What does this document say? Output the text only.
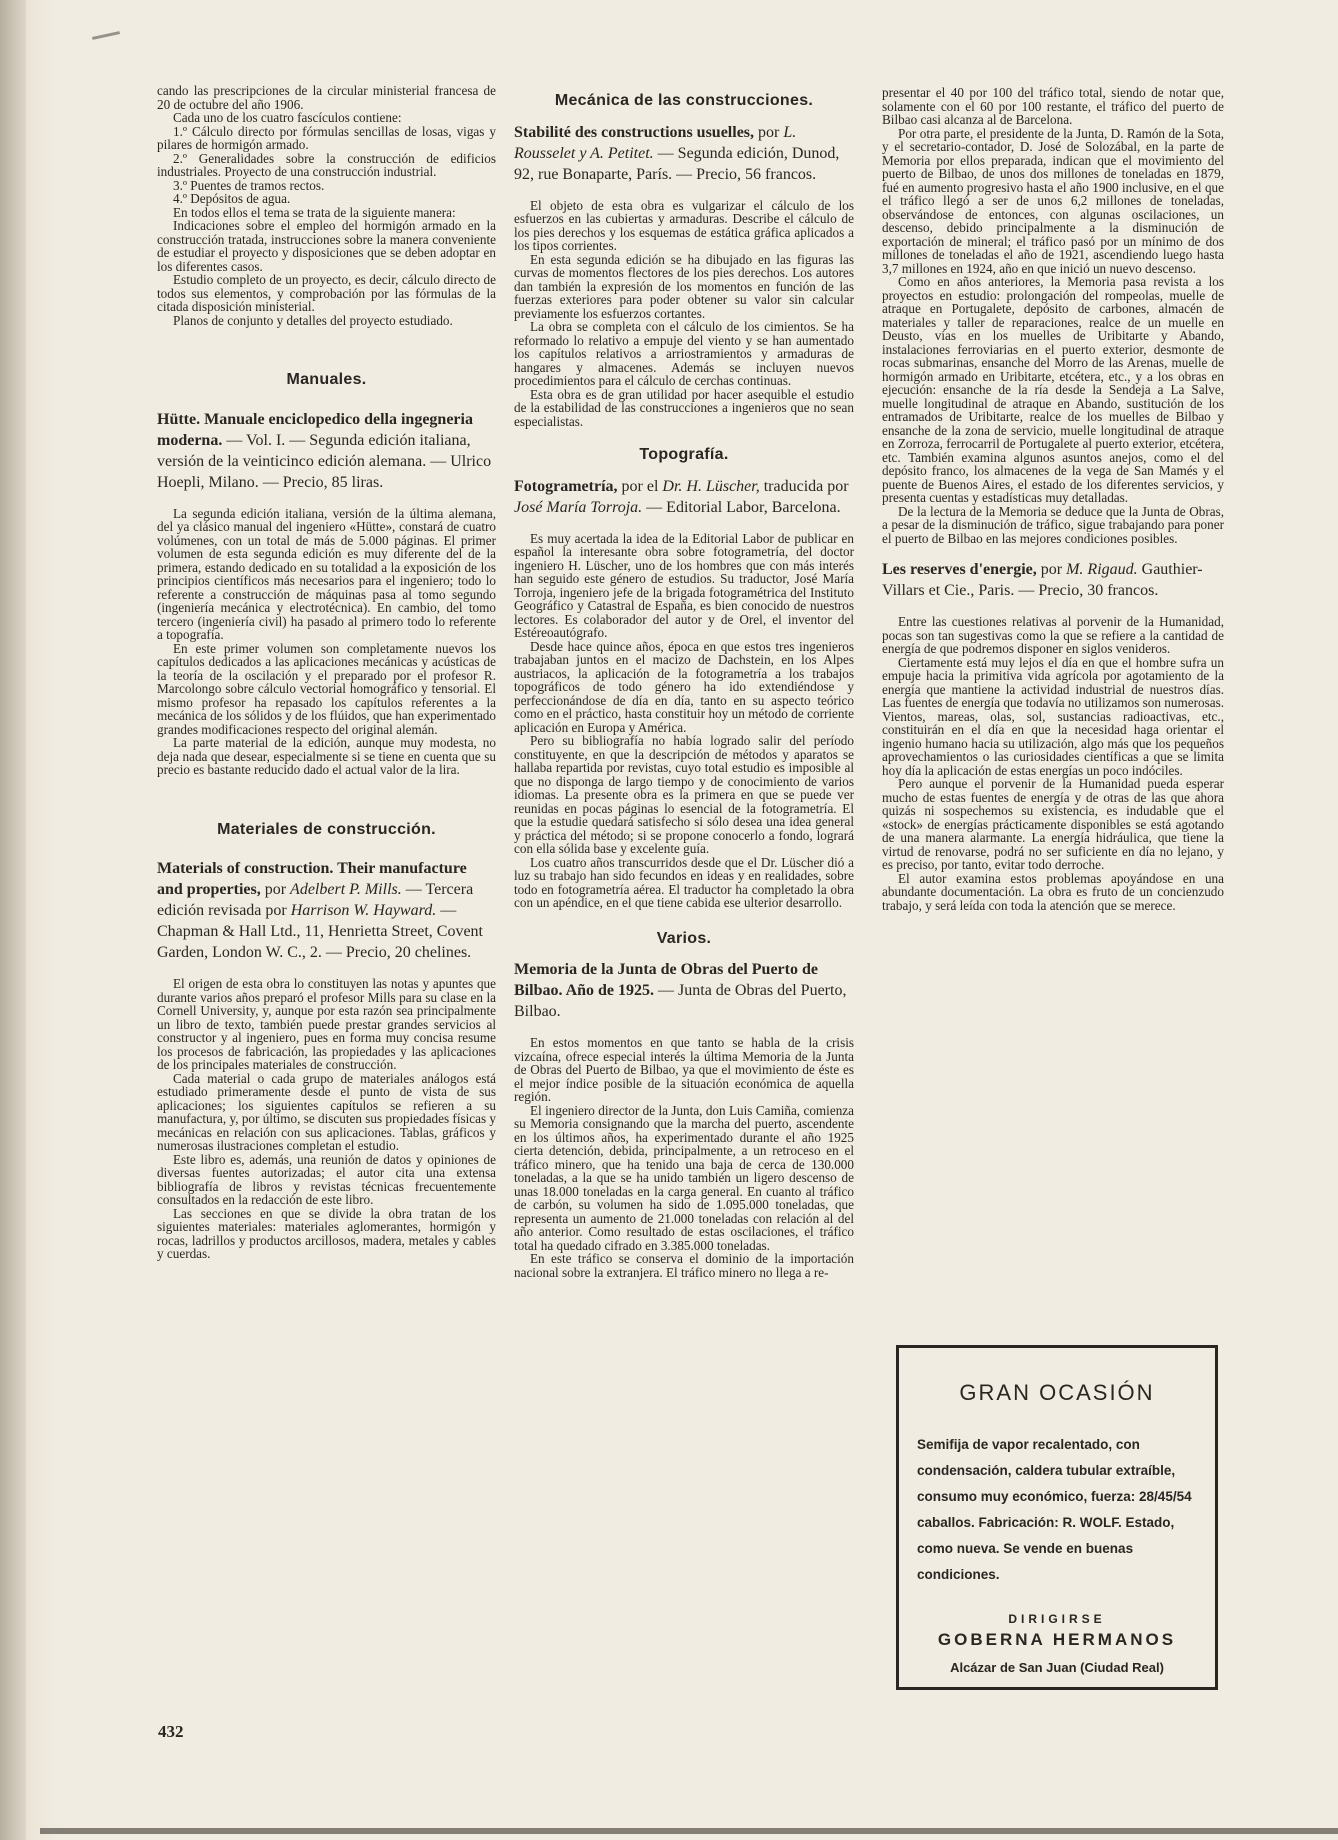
cando las prescripciones de la circular ministerial francesa de 20 de octubre del año 1906.

Cada uno de los cuatro fascículos contiene:

1.º Cálculo directo por fórmulas sencillas de losas, vigas y pilares de hormigón armado.

2.º Generalidades sobre la construcción de edificios industriales. Proyecto de una construcción industrial.

3.º Puentes de tramos rectos.

4.º Depósitos de agua.

En todos ellos el tema se trata de la siguiente manera:

Indicaciones sobre el empleo del hormigón armado en la construcción tratada, instrucciones sobre la manera conveniente de estudiar el proyecto y disposiciones que se deben adoptar en los diferentes casos.

Estudio completo de un proyecto, es decir, cálculo directo de todos sus elementos, y comprobación por las fórmulas de la citada disposición ministerial.

Planos de conjunto y detalles del proyecto estudiado.

Manuales.

Hütte. Manuale enciclopedico della ingegneria moderna. — Vol. I. — Segunda edición italiana, versión de la veinticinco edición alemana. — Ulrico Hoepli, Milano. — Precio, 85 liras.

La segunda edición italiana, versión de la última alemana, del ya clásico manual del ingeniero «Hütte», constará de cuatro volúmenes, con un total de más de 5.000 páginas. El primer volumen de esta segunda edición es muy diferente del de la primera, estando dedicado en su totalidad a la exposición de los principios científicos más necesarios para el ingeniero; todo lo referente a construcción de máquinas pasa al tomo segundo (ingeniería mecánica y electrotécnica). En cambio, del tomo tercero (ingeniería civil) ha pasado al primero todo lo referente a topografía.

En este primer volumen son completamente nuevos los capítulos dedicados a las aplicaciones mecánicas y acústicas de la teoría de la oscilación y el preparado por el profesor R. Marcolongo sobre cálculo vectorial homográfico y tensorial. El mismo profesor ha repasado los capítulos referentes a la mecánica de los sólidos y de los flúidos, que han experimentado grandes modificaciones respecto del original alemán.

La parte material de la edición, aunque muy modesta, no deja nada que desear, especialmente si se tiene en cuenta que su precio es bastante reducido dado el actual valor de la lira.

Materiales de construcción.

Materials of construction. Their manufacture and properties, por Adelbert P. Mills. — Tercera edición revisada por Harrison W. Hayward. — Chapman & Hall Ltd., 11, Henrietta Street, Covent Garden, London W. C., 2. — Precio, 20 chelines.

El origen de esta obra lo constituyen las notas y apuntes que durante varios años preparó el profesor Mills para su clase en la Cornell University, y, aunque por esta razón sea principalmente un libro de texto, también puede prestar grandes servicios al constructor y al ingeniero, pues en forma muy concisa resume los procesos de fabricación, las propiedades y las aplicaciones de los principales materiales de construcción.

Cada material o cada grupo de materiales análogos está estudiado primeramente desde el punto de vista de sus aplicaciones; los siguientes capítulos se refieren a su manufactura, y, por último, se discuten sus propiedades físicas y mecánicas en relación con sus aplicaciones. Tablas, gráficos y numerosas ilustraciones completan el estudio.

Este libro es, además, una reunión de datos y opiniones de diversas fuentes autorizadas; el autor cita una extensa bibliografía de libros y revistas técnicas frecuentemente consultados en la redacción de este libro.

Las secciones en que se divide la obra tratan de los siguientes materiales: materiales aglomerantes, hormigón y rocas, ladrillos y productos arcillosos, madera, metales y cables y cuerdas.

Mecánica de las construcciones.

Stabilité des constructions usuelles, por L. Rousselet y A. Petitet. — Segunda edición, Dunod, 92, rue Bonaparte, París. — Precio, 56 francos.

El objeto de esta obra es vulgarizar el cálculo de los esfuerzos en las cubiertas y armaduras. Describe el cálculo de los pies derechos y los esquemas de estática gráfica aplicados a los tipos corrientes.

En esta segunda edición se ha dibujado en las figuras las curvas de momentos flectores de los pies derechos. Los autores dan también la expresión de los momentos en función de las fuerzas exteriores para poder obtener su valor sin calcular previamente los esfuerzos cortantes.

La obra se completa con el cálculo de los cimientos. Se ha reformado lo relativo a empuje del viento y se han aumentado los capítulos relativos a arriostramientos y armaduras de hangares y almacenes. Además se incluyen nuevos procedimientos para el cálculo de cerchas continuas.

Esta obra es de gran utilidad por hacer asequible el estudio de la estabilidad de las construcciones a ingenieros que no sean especialistas.

Topografía.

Fotogrametría, por el Dr. H. Lüscher, traducida por José María Torroja. — Editorial Labor, Barcelona.

Es muy acertada la idea de la Editorial Labor de publicar en español la interesante obra sobre fotogrametría, del doctor ingeniero H. Lüscher, uno de los hombres que con más interés han seguido este género de estudios. Su traductor, José María Torroja, ingeniero jefe de la brigada fotogramétrica del Instituto Geográfico y Catastral de España, es bien conocido de nuestros lectores. Es colaborador del autor y de Orel, el inventor del Estéreoautógrafo.

Desde hace quince años, época en que estos tres ingenieros trabajaban juntos en el macizo de Dachstein, en los Alpes austriacos, la aplicación de la fotogrametría a los trabajos topográficos de todo género ha ido extendiéndose y perfeccionándose de día en día, tanto en su aspecto teórico como en el práctico, hasta constituir hoy un método de corriente aplicación en Europa y América.

Pero su bibliografía no había logrado salir del período constituyente, en que la descripción de métodos y aparatos se hallaba repartida por revistas, cuyo total estudio es imposible al que no disponga de largo tiempo y de conocimiento de varios idiomas. La presente obra es la primera en que se puede ver reunidas en pocas páginas lo esencial de la fotogrametría. El que la estudie quedará satisfecho si sólo desea una idea general y práctica del método; si se propone conocerlo a fondo, logrará con ella sólida base y excelente guía.

Los cuatro años transcurridos desde que el Dr. Lüscher dió a luz su trabajo han sido fecundos en ideas y en realidades, sobre todo en fotogrametría aérea. El traductor ha completado la obra con un apéndice, en el que tiene cabida ese ulterior desarrollo.

Varios.

Memoria de la Junta de Obras del Puerto de Bilbao. Año de 1925. — Junta de Obras del Puerto, Bilbao.

En estos momentos en que tanto se habla de la crisis vizcaína, ofrece especial interés la última Memoria de la Junta de Obras del Puerto de Bilbao, ya que el movimiento de éste es el mejor índice posible de la situación económica de aquella región.

El ingeniero director de la Junta, don Luis Camiña, comienza su Memoria consignando que la marcha del puerto, ascendente en los últimos años, ha experimentado durante el año 1925 cierta detención, debida, principalmente, a un retroceso en el tráfico minero, que ha tenido una baja de cerca de 130.000 toneladas, a la que se ha unido también un ligero descenso de unas 18.000 toneladas en la carga general. En cuanto al tráfico de carbón, su volumen ha sido de 1.095.000 toneladas, que representa un aumento de 21.000 toneladas con relación al del año anterior. Como resultado de estas oscilaciones, el tráfico total ha quedado cifrado en 3.385.000 toneladas.

En este tráfico se conserva el dominio de la importación nacional sobre la extranjera. El tráfico minero no llega a re-

presentar el 40 por 100 del tráfico total, siendo de notar que, solamente con el 60 por 100 restante, el tráfico del puerto de Bilbao casi alcanza al de Barcelona.

Por otra parte, el presidente de la Junta, D. Ramón de la Sota, y el secretario-contador, D. José de Solozábal, en la parte de Memoria por ellos preparada, indican que el movimiento del puerto de Bilbao, de unos dos millones de toneladas en 1879, fué en aumento progresivo hasta el año 1900 inclusive, en el que el tráfico llegó a ser de unos 6,2 millones de toneladas, observándose de entonces, con algunas oscilaciones, un descenso, debido principalmente a la disminución de exportación de mineral; el tráfico pasó por un mínimo de dos millones de toneladas el año de 1921, ascendiendo luego hasta 3,7 millones en 1924, año en que inició un nuevo descenso.

Como en años anteriores, la Memoria pasa revista a los proyectos en estudio: prolongación del rompeolas, muelle de atraque en Portugalete, depósito de carbones, almacén de materiales y taller de reparaciones, realce de un muelle en Deusto, vías en los muelles de Uribitarte y Abando, instalaciones ferroviarias en el puerto exterior, desmonte de rocas submarinas, ensanche del Morro de las Arenas, muelle de hormigón armado en Uribitarte, etcétera, etc., y a los obras en ejecución: ensanche de la ría desde la Sendeja a La Salve, muelle longitudinal de atraque en Abando, sustitución de los entramados de Uribitarte, realce de los muelles de Bilbao y ensanche de la zona de servicio, muelle longitudinal de atraque en Zorroza, ferrocarril de Portugalete al puerto exterior, etcétera, etc. También examina algunos asuntos anejos, como el del depósito franco, los almacenes de la vega de San Mamés y el puente de Buenos Aires, el estado de los diferentes servicios, y presenta cuentas y estadísticas muy detalladas.

De la lectura de la Memoria se deduce que la Junta de Obras, a pesar de la disminución de tráfico, sigue trabajando para poner el puerto de Bilbao en las mejores condiciones posibles.

Les reserves d'energie, por M. Rigaud. Gauthier-Villars et Cie., Paris. — Precio, 30 francos.

Entre las cuestiones relativas al porvenir de la Humanidad, pocas son tan sugestivas como la que se refiere a la cantidad de energía de que podremos disponer en siglos venideros.

Ciertamente está muy lejos el día en que el hombre sufra un empuje hacia la primitiva vida agrícola por agotamiento de la energía que mantiene la actividad industrial de nuestros días. Las fuentes de energía que todavía no utilizamos son numerosas. Vientos, mareas, olas, sol, sustancias radioactivas, etc., constituirán en el día en que la necesidad haga orientar el ingenio humano hacia su utilización, algo más que los pequeños aprovechamientos o las curiosidades científicas a que se limita hoy día la aplicación de estas energías un poco indóciles.

Pero aunque el porvenir de la Humanidad pueda esperar mucho de estas fuentes de energía y de otras de las que ahora quizás ni sospechemos su existencia, es indudable que el «stock» de energías prácticamente disponibles se está agotando de una manera alarmante. La energía hidráulica, que tiene la virtud de renovarse, podrá no ser suficiente en día no lejano, y es preciso, por tanto, evitar todo derroche.

El autor examina estos problemas apoyándose en una abundante documentación. La obra es fruto de un concienzudo trabajo, y será leída con toda la atención que se merece.

GRAN OCASIÓN

Semifija de vapor recalentado, con condensación, caldera tubular extraíble, consumo muy económico, fuerza: 28/45/54 caballos. Fabricación: R. WOLF. Estado, como nueva. Se vende en buenas condiciones.

DIRIGIRSE
GOBERNA HERMANOS
Alcázar de San Juan (Ciudad Real)
432
